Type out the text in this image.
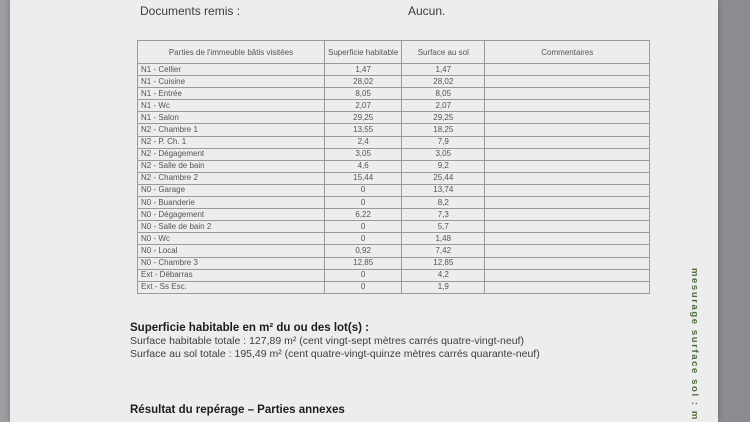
Documents remis :	Aucun.
Parties de l'immeuble bâtis visitées	Superficie habitable	Surface au sol	Commentaires
N1 - Cellier	1,47	1,47	
N1 - Cuisine	28,02	28,02	
N1 - Entrée	8,05	8,05	
N1 - Wc	2,07	2,07	
N1 - Salon	29,25	29,25	
N2 - Chambre 1	13,55	18,25	
N2 - P. Ch. 1	2,4	7,9	
N2 - Dégagement	3,05	3,05	
N2 - Salle de bain	4,6	9,2	
N2 - Chambre 2	15,44	25,44	
N0 - Garage	0	13,74	
N0 - Buanderie	0	8,2	
N0 - Dégagement	6,22	7,3	
N0 - Salle de bain 2	0	5,7	
N0 - Wc	0	1,48	
N0 - Local	0,92	7,42	
N0 - Chambre 3	12,85	12,85	
Ext - Débarras	0	4,2	
Ext - Ss Esc.	0	1,9	
Superficie habitable en m² du ou des lot(s) :
Surface habitable totale : 127,89 m² (cent vingt-sept mètres carrés quatre-vingt-neuf)
Surface au sol totale : 195,49 m² (cent quatre-vingt-quinze mètres carrés quarante-neuf)
Résultat du repérage – Parties annexes	mesurage surface sol : m
